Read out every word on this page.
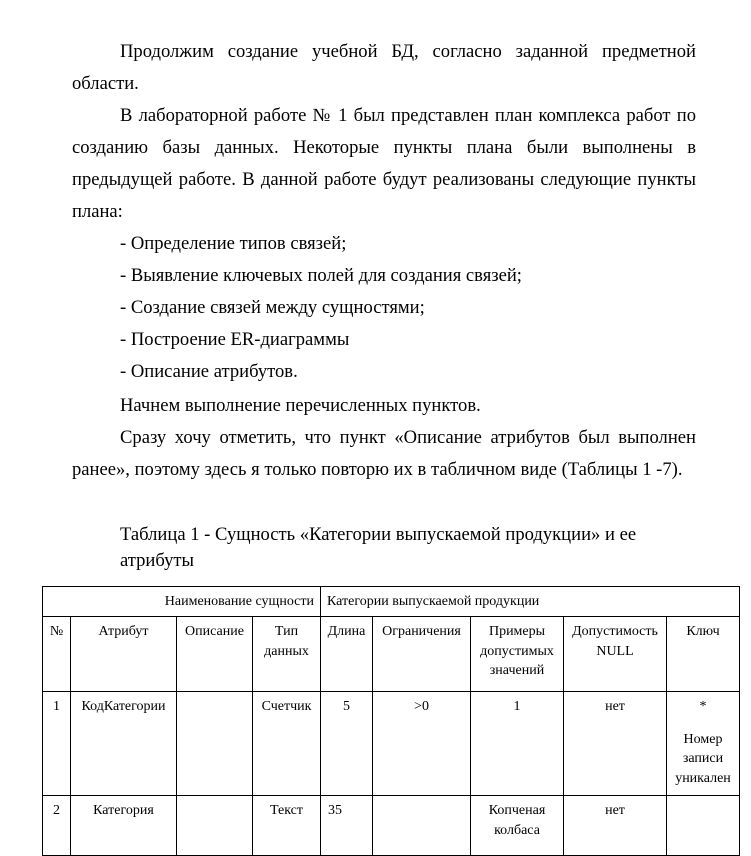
Продолжим создание учебной БД, согласно заданной предметной области.

В лабораторной работе № 1 был представлен план комплекса работ по созданию базы данных. Некоторые пункты плана были выполнены в предыдущей работе. В данной работе будут реализованы следующие пункты плана:

- Определение типов связей;

- Выявление ключевых полей для создания связей;

- Создание связей между сущностями;

- Построение ER-диаграммы

- Описание атрибутов.

Начнем выполнение перечисленных пунктов.

Сразу хочу отметить, что пункт «Описание атрибутов был выполнен ранее», поэтому здесь я только повторю их в табличном виде (Таблицы 1 -7).

Таблица 1 - Сущность «Категории выпускаемой продукции» и ее атрибуты

Наименование сущности				Категории выпускаемой продукции				
№	Атрибут	Описание	Тип данных	Длина	Ограничения	Примеры допустимых значений	Допустимость NULL	Ключ
1	КодКатегории		Счетчик	5	>0	1	нет	*
Номер записи уникален

2	Категория		Текст	35		Копченая колбаса	нет	
